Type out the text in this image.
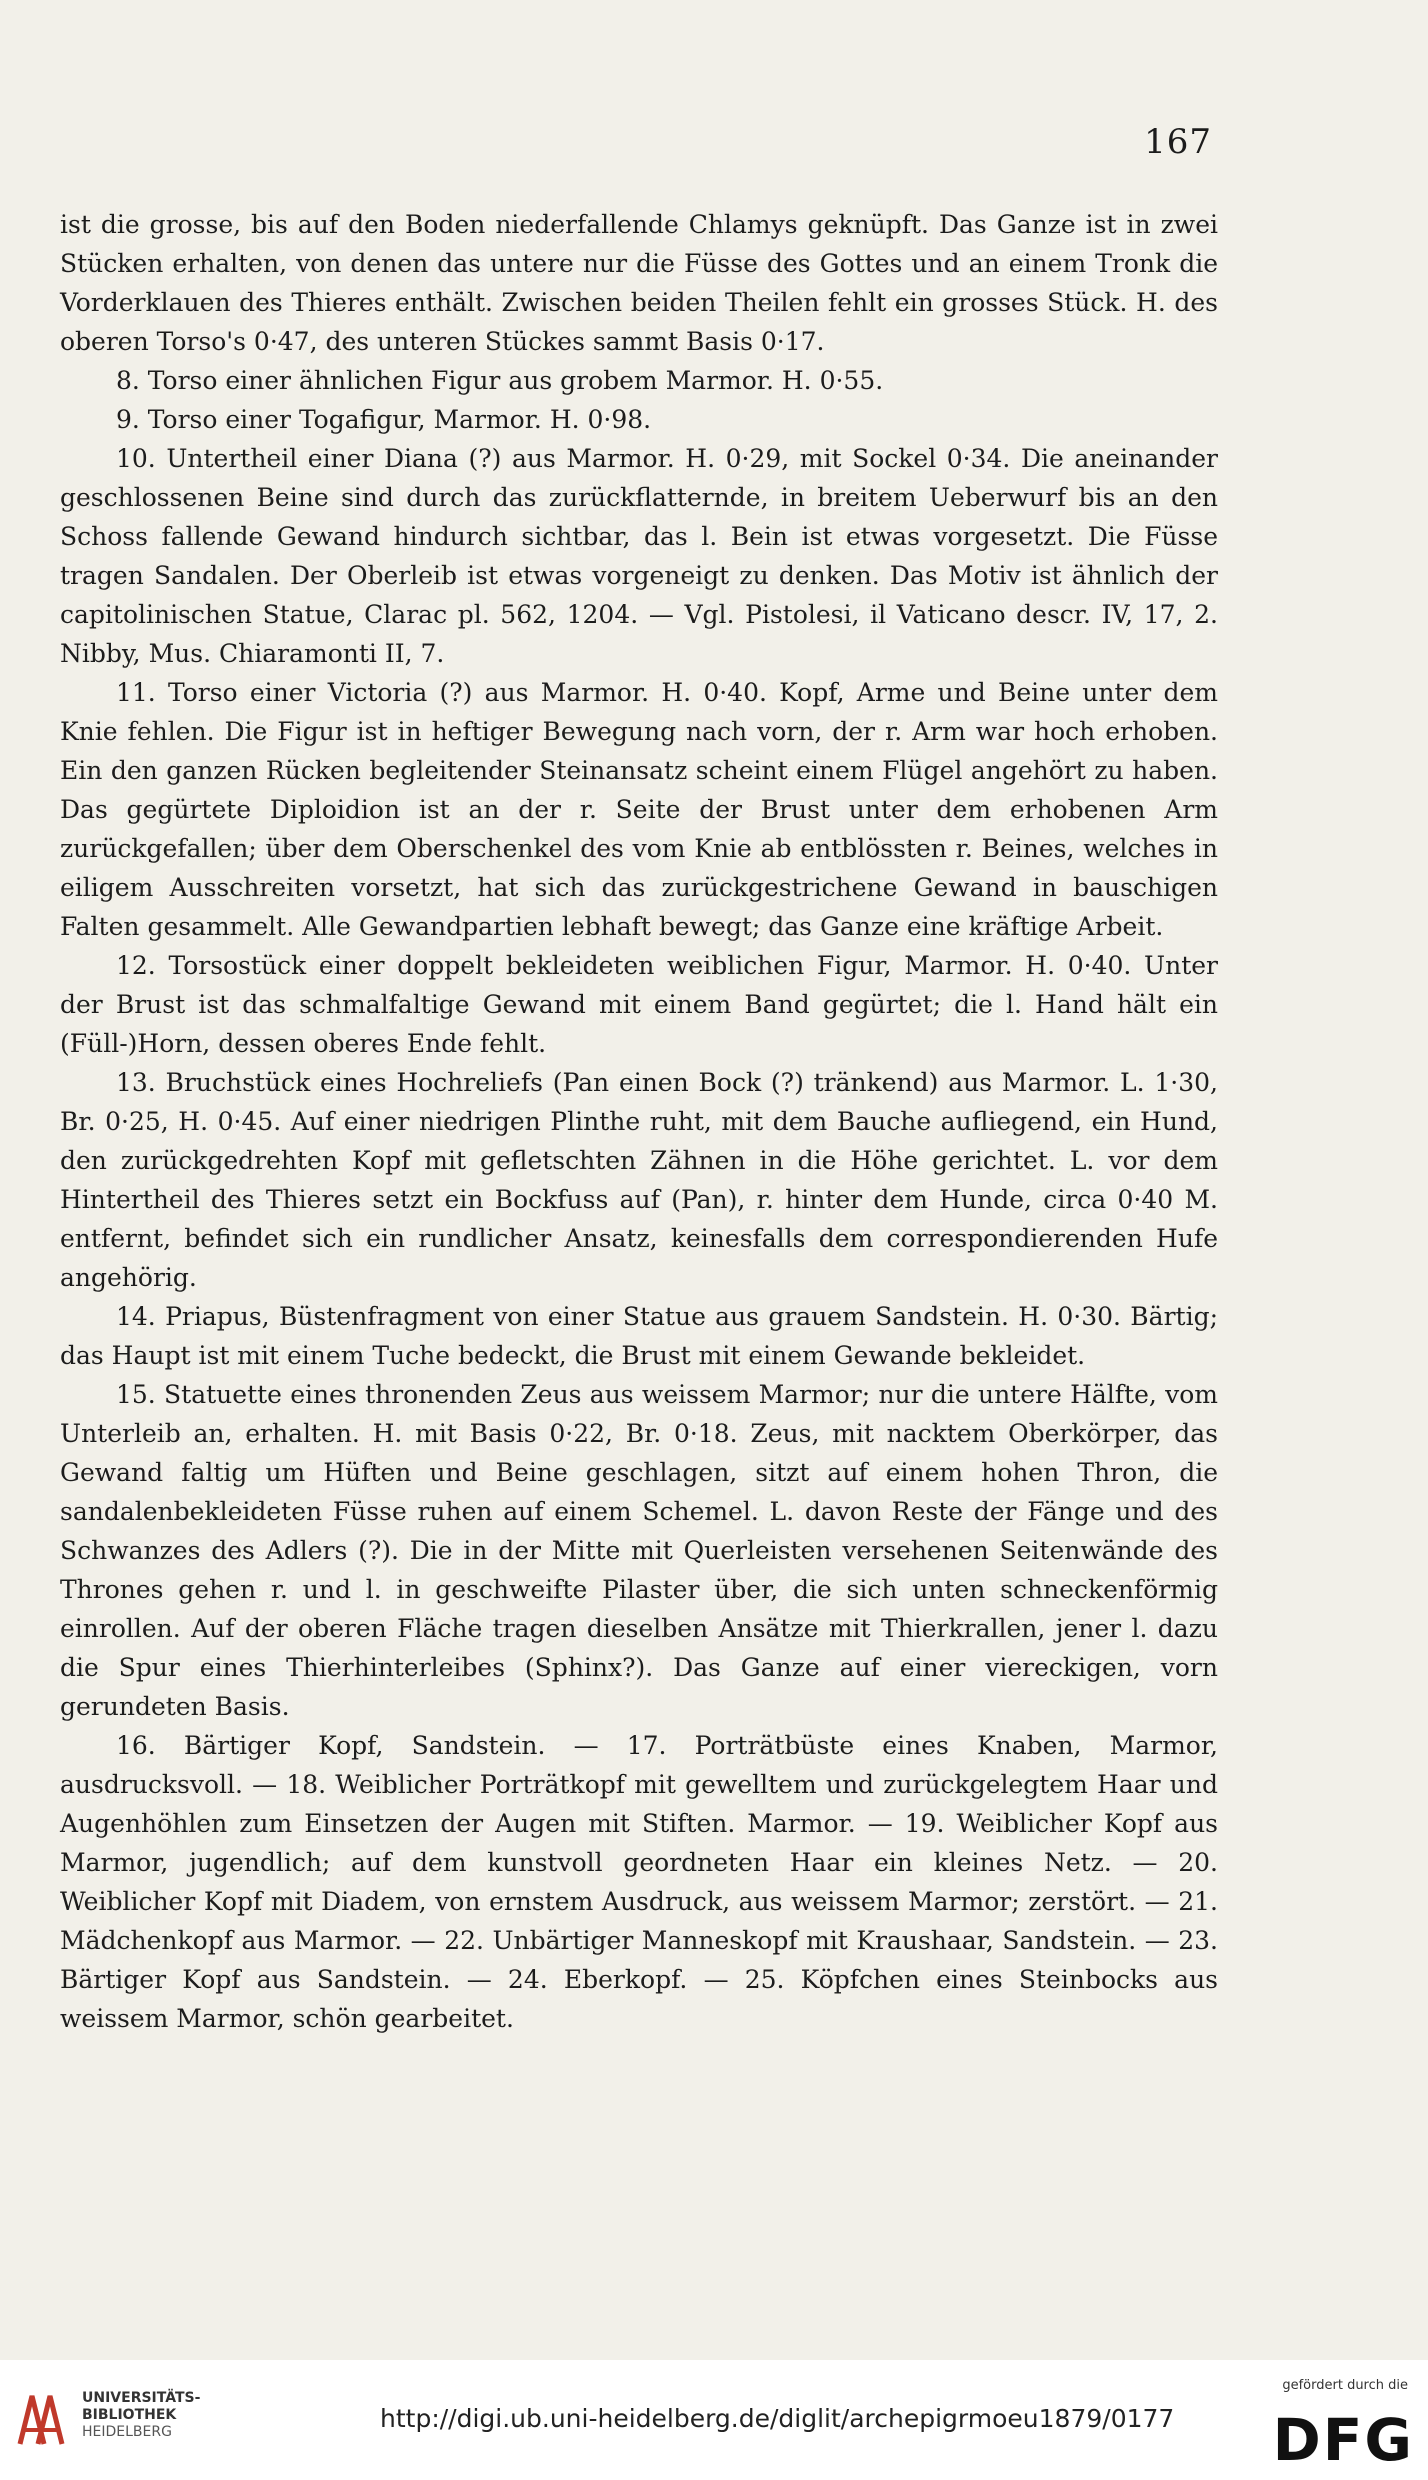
167

ist die grosse, bis auf den Boden niederfallende Chlamys geknüpft. Das Ganze ist in zwei Stücken erhalten, von denen das untere nur die Füsse des Gottes und an einem Tronk die Vorderklauen des Thieres enthält. Zwischen beiden Theilen fehlt ein grosses Stück. H. des oberen Torso's 0·47, des unteren Stückes sammt Basis 0·17.

8. Torso einer ähnlichen Figur aus grobem Marmor. H. 0·55.

9. Torso einer Togafigur, Marmor. H. 0·98.

10. Untertheil einer Diana (?) aus Marmor. H. 0·29, mit Sockel 0·34. Die aneinander geschlossenen Beine sind durch das zurückflatternde, in breitem Ueberwurf bis an den Schoss fallende Gewand hindurch sichtbar, das l. Bein ist etwas vorgesetzt. Die Füsse tragen Sandalen. Der Oberleib ist etwas vorgeneigt zu denken. Das Motiv ist ähnlich der capitolinischen Statue, Clarac pl. 562, 1204. — Vgl. Pistolesi, il Vaticano descr. IV, 17, 2. Nibby, Mus. Chiaramonti II, 7.

11. Torso einer Victoria (?) aus Marmor. H. 0·40. Kopf, Arme und Beine unter dem Knie fehlen. Die Figur ist in heftiger Bewegung nach vorn, der r. Arm war hoch erhoben. Ein den ganzen Rücken begleitender Steinansatz scheint einem Flügel angehört zu haben. Das gegürtete Diploidion ist an der r. Seite der Brust unter dem erhobenen Arm zurückgefallen; über dem Oberschenkel des vom Knie ab entblössten r. Beines, welches in eiligem Ausschreiten vorsetzt, hat sich das zurückgestrichene Gewand in bauschigen Falten gesammelt. Alle Gewandpartien lebhaft bewegt; das Ganze eine kräftige Arbeit.

12. Torsostück einer doppelt bekleideten weiblichen Figur, Marmor. H. 0·40. Unter der Brust ist das schmalfaltige Gewand mit einem Band gegürtet; die l. Hand hält ein (Füll-)Horn, dessen oberes Ende fehlt.

13. Bruchstück eines Hochreliefs (Pan einen Bock (?) tränkend) aus Marmor. L. 1·30, Br. 0·25, H. 0·45. Auf einer niedrigen Plinthe ruht, mit dem Bauche aufliegend, ein Hund, den zurückgedrehten Kopf mit gefletschten Zähnen in die Höhe gerichtet. L. vor dem Hintertheil des Thieres setzt ein Bockfuss auf (Pan), r. hinter dem Hunde, circa 0·40 M. entfernt, befindet sich ein rundlicher Ansatz, keinesfalls dem correspondierenden Hufe angehörig.

14. Priapus, Büstenfragment von einer Statue aus grauem Sandstein. H. 0·30. Bärtig; das Haupt ist mit einem Tuche bedeckt, die Brust mit einem Gewande bekleidet.

15. Statuette eines thronenden Zeus aus weissem Marmor; nur die untere Hälfte, vom Unterleib an, erhalten. H. mit Basis 0·22, Br. 0·18. Zeus, mit nacktem Oberkörper, das Gewand faltig um Hüften und Beine geschlagen, sitzt auf einem hohen Thron, die sandalenbekleideten Füsse ruhen auf einem Schemel. L. davon Reste der Fänge und des Schwanzes des Adlers (?). Die in der Mitte mit Querleisten versehenen Seitenwände des Thrones gehen r. und l. in geschweifte Pilaster über, die sich unten schneckenförmig einrollen. Auf der oberen Fläche tragen dieselben Ansätze mit Thierkrallen, jener l. dazu die Spur eines Thierhinterleibes (Sphinx?). Das Ganze auf einer viereckigen, vorn gerundeten Basis.

16. Bärtiger Kopf, Sandstein. — 17. Porträtbüste eines Knaben, Marmor, ausdrucksvoll. — 18. Weiblicher Porträtkopf mit gewelltem und zurückgelegtem Haar und Augenhöhlen zum Einsetzen der Augen mit Stiften. Marmor. — 19. Weiblicher Kopf aus Marmor, jugendlich; auf dem kunstvoll geordneten Haar ein kleines Netz. — 20. Weiblicher Kopf mit Diadem, von ernstem Ausdruck, aus weissem Marmor; zerstört. — 21. Mädchenkopf aus Marmor. — 22. Unbärtiger Manneskopf mit Kraushaar, Sandstein. — 23. Bärtiger Kopf aus Sandstein. — 24. Eberkopf. — 25. Köpfchen eines Steinbocks aus weissem Marmor, schön gearbeitet.

UNIVERSITÄTS-
BIBLIOTHEK
HEIDELBERG	http://digi.ub.uni-heidelberg.de/diglit/archepigrmoeu1879/0177
gefördert durch die
DFG
